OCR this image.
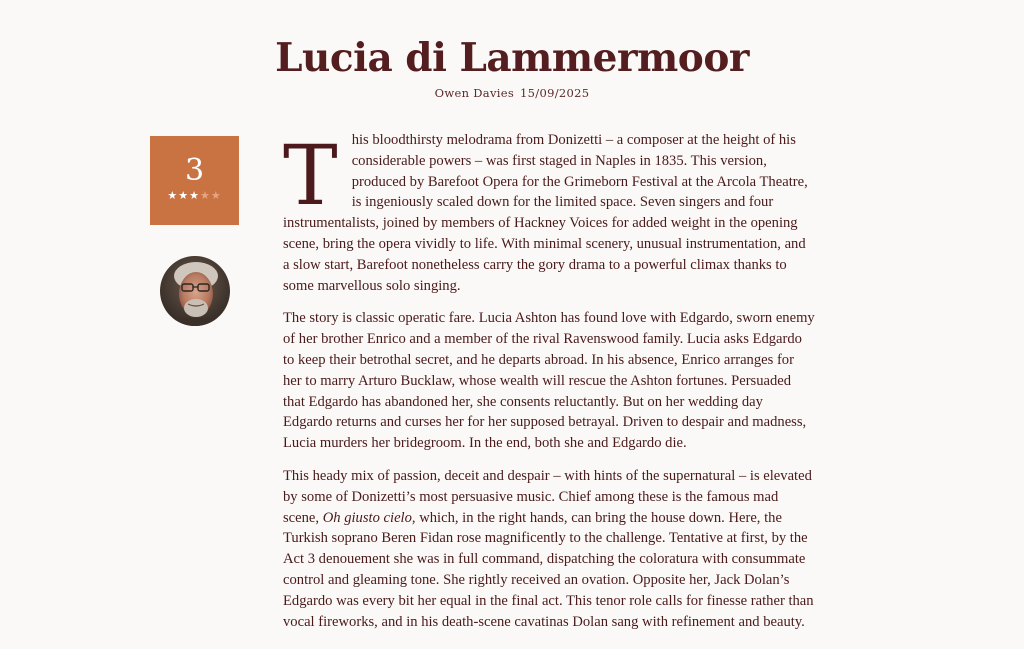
Lucia di Lammermoor
Owen Davies 15/09/2025
3
★★★★★ This bloodthirsty melodrama from Donizetti – a composer at the height of his considerable powers – was first staged in Naples in 1835. This version, produced by Barefoot Opera for the Grimeborn Festival at the Arcola Theatre, is ingeniously scaled down for the limited space. Seven singers and four instrumentalists, joined by members of Hackney Voices for added weight in the opening scene, bring the opera vividly to life. With minimal scenery, unusual instrumentation, and a slow start, Barefoot nonetheless carry the gory drama to a powerful climax thanks to some marvellous solo singing.

The story is classic operatic fare. Lucia Ashton has found love with Edgardo, sworn enemy of her brother Enrico and a member of the rival Ravenswood family. Lucia asks Edgardo to keep their betrothal secret, and he departs abroad. In his absence, Enrico arranges for her to marry Arturo Bucklaw, whose wealth will rescue the Ashton fortunes. Persuaded that Edgardo has abandoned her, she consents reluctantly. But on her wedding day Edgardo returns and curses her for her supposed betrayal. Driven to despair and madness, Lucia murders her bridegroom. In the end, both she and Edgardo die.

This heady mix of passion, deceit and despair – with hints of the supernatural – is elevated by some of Donizetti’s most persuasive music. Chief among these is the famous mad scene, Oh giusto cielo, which, in the right hands, can bring the house down. Here, the Turkish soprano Beren Fidan rose magnificently to the challenge. Tentative at first, by the Act 3 denouement she was in full command, dispatching the coloratura with consummate control and gleaming tone. She rightly received an ovation. Opposite her, Jack Dolan’s Edgardo was every bit her equal in the final act. This tenor role calls for finesse rather than vocal fireworks, and in his death-scene cavatinas Dolan sang with refinement and beauty.
